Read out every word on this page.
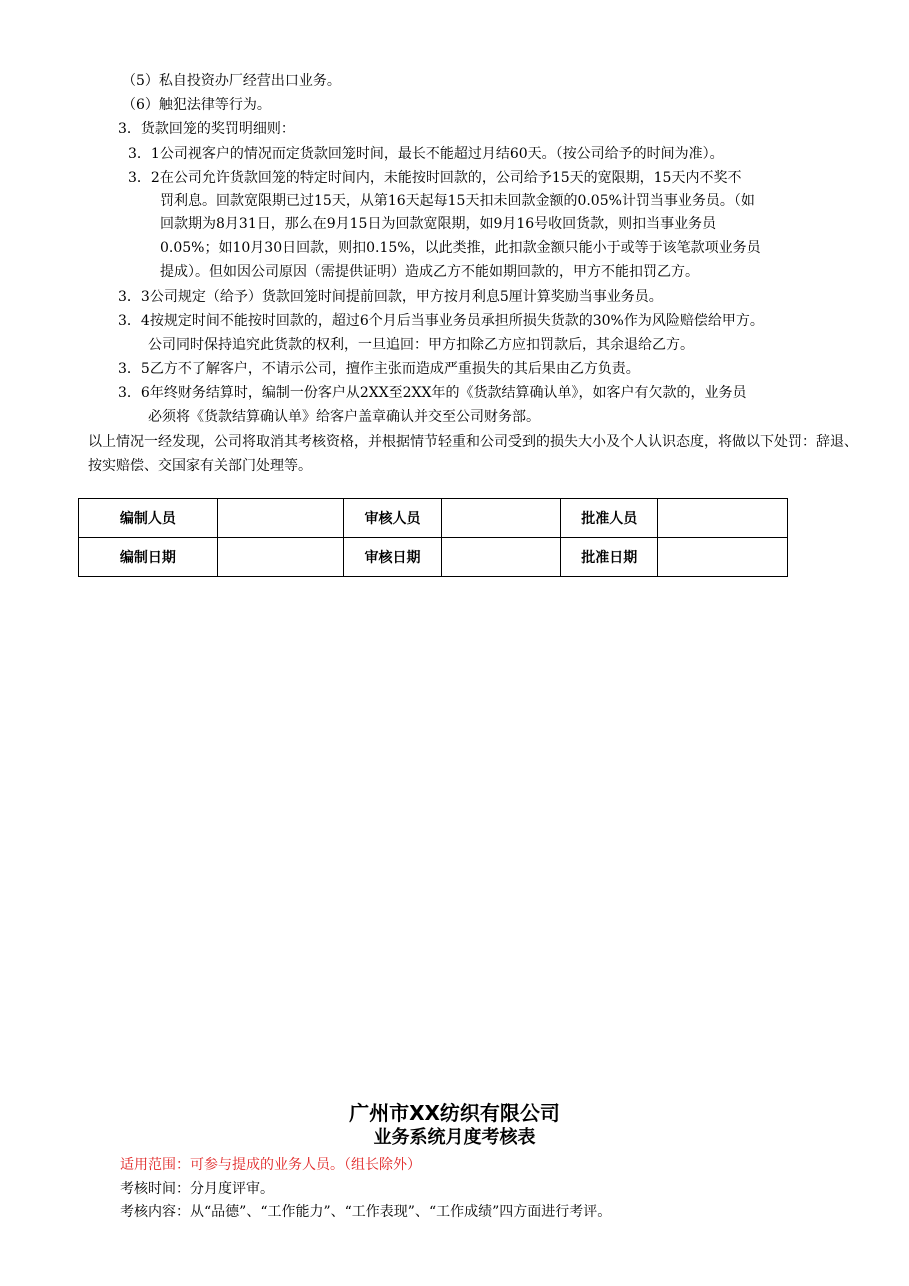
（5）私自投资办厂经营出口业务。
（6）触犯法律等行为。
3．货款回笼的奖罚明细则：
3．1公司视客户的情况而定货款回笼时间，最长不能超过月结60天。（按公司给予的时间为准）。
3．2在公司允许货款回笼的特定时间内，未能按时回款的，公司给予15天的宽限期，15天内不奖不
罚利息。回款宽限期已过15天，从第16天起每15天扣未回款金额的0.05%计罚当事业务员。（如
回款期为8月31日，那么在9月15日为回款宽限期，如9月16号收回货款，则扣当事业务员
0.05%；如10月30日回款，则扣0.15%，以此类推，此扣款金额只能小于或等于该笔款项业务员
提成）。但如因公司原因（需提供证明）造成乙方不能如期回款的，甲方不能扣罚乙方。
3．3公司规定（给予）货款回笼时间提前回款，甲方按月利息5厘计算奖励当事业务员。
3．4按规定时间不能按时回款的，超过6个月后当事业务员承担所损失货款的30%作为风险赔偿给甲方。
公司同时保持追究此货款的权利，一旦追回：甲方扣除乙方应扣罚款后，其余退给乙方。
3．5乙方不了解客户，不请示公司，擅作主张而造成严重损失的其后果由乙方负责。
3．6年终财务结算时，编制一份客户从2XX至2XX年的《货款结算确认单》，如客户有欠款的，业务员
必须将《货款结算确认单》给客户盖章确认并交至公司财务部。
以上情况一经发现，公司将取消其考核资格，并根据情节轻重和公司受到的损失大小及个人认识态度，将做以下处罚：辞退、按实赔偿、交国家有关部门处理等。
编制人员		审核人员		批准人员	
编制日期		审核日期		批准日期	
广州市XX纺织有限公司
业务系统月度考核表
适用范围：可参与提成的业务人员。（组长除外）
考核时间：分月度评审。
考核内容：从“品德”、“工作能力”、“工作表现”、“工作成绩”四方面进行考评。
